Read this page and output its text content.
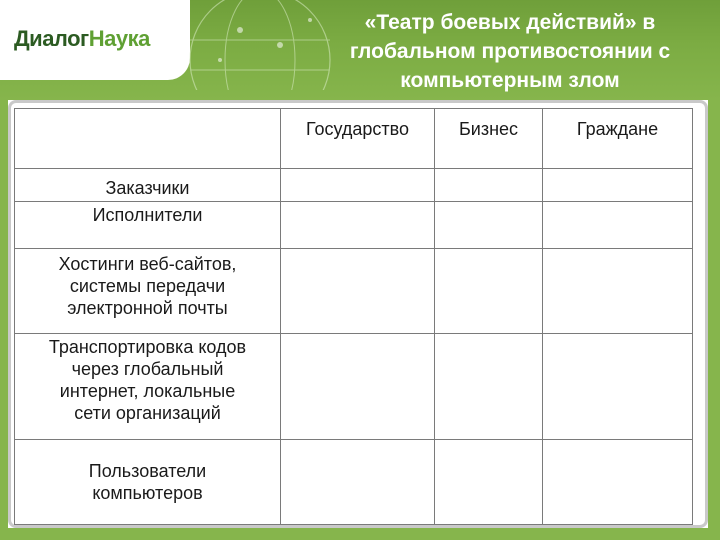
ДиалогНаука
«Театр боевых действий» в
глобальном противостоянии с
компьютерным злом
	Государство	Бизнес	Граждане

Заказчики			

Исполнители			

Хостинги веб-сайтов,
системы передачи
электронной почты			

Транспортировка кодов
через глобальный
интернет, локальные
сети организаций			

Пользователи
компьютеров			
